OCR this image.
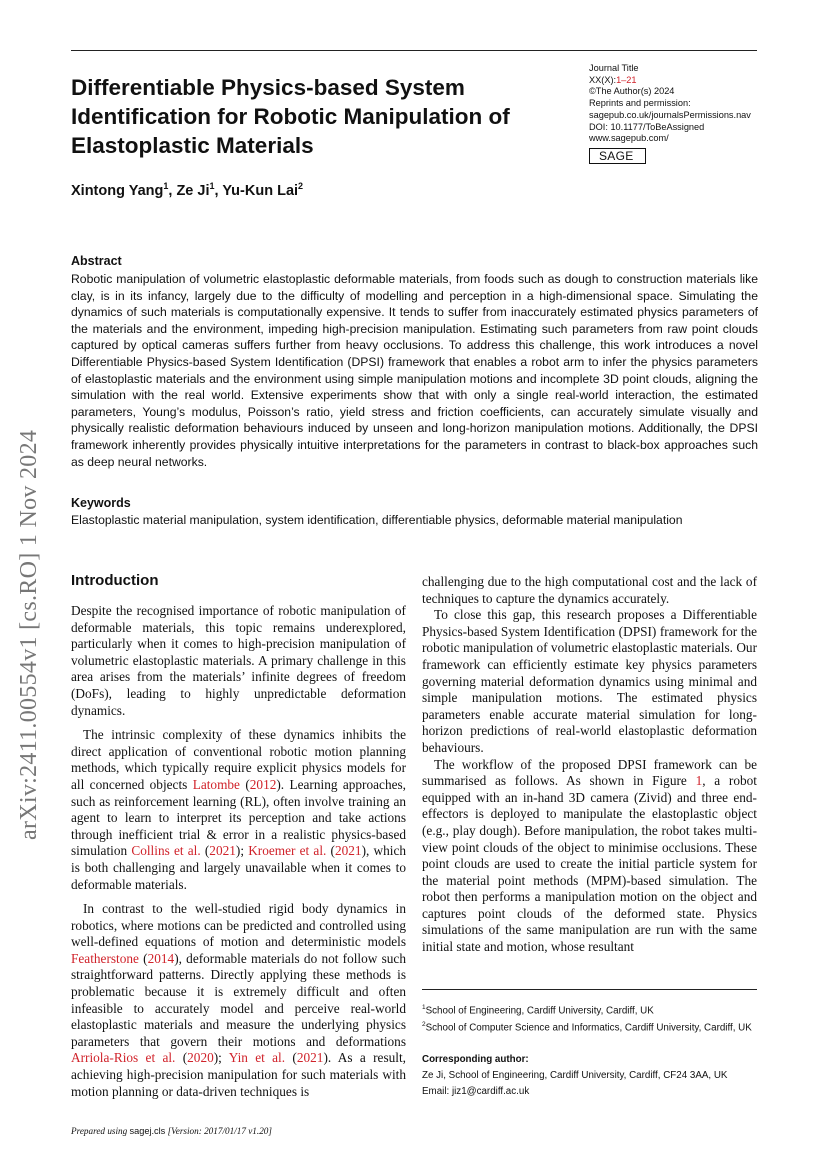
Differentiable Physics-based System Identification for Robotic Manipulation of Elastoplastic Materials
Journal Title
XX(X):1–21
©The Author(s) 2024
Reprints and permission:
sagepub.co.uk/journalsPermissions.nav
DOI: 10.1177/ToBeAssigned
www.sagepub.com/
SAGE
Xintong Yang$^1$, Ze Ji$^1$, Yu-Kun Lai$^2$
Abstract

Robotic manipulation of volumetric elastoplastic deformable materials, from foods such as dough to construction materials like clay, is in its infancy, largely due to the difficulty of modelling and perception in a high-dimensional space. Simulating the dynamics of such materials is computationally expensive. It tends to suffer from inaccurately estimated physics parameters of the materials and the environment, impeding high-precision manipulation. Estimating such parameters from raw point clouds captured by optical cameras suffers further from heavy occlusions. To address this challenge, this work introduces a novel Differentiable Physics-based System Identification (DPSI) framework that enables a robot arm to infer the physics parameters of elastoplastic materials and the environment using simple manipulation motions and incomplete 3D point clouds, aligning the simulation with the real world. Extensive experiments show that with only a single real-world interaction, the estimated parameters, Young’s modulus, Poisson’s ratio, yield stress and friction coefficients, can accurately simulate visually and physically realistic deformation behaviours induced by unseen and long-horizon manipulation motions. Additionally, the DPSI framework inherently provides physically intuitive interpretations for the parameters in contrast to black-box approaches such as deep neural networks.

Keywords
Elastoplastic material manipulation, system identification, differentiable physics, deformable material manipulation
arXiv:2411.00554v1 [cs.RO] 1 Nov 2024 Introduction

Despite the recognised importance of robotic manipulation of deformable materials, this topic remains underexplored, particularly when it comes to high-precision manipulation of volumetric elastoplastic materials. A primary challenge in this area arises from the materials’ infinite degrees of freedom (DoFs), leading to highly unpredictable deformation dynamics.

The intrinsic complexity of these dynamics inhibits the direct application of conventional robotic motion planning methods, which typically require explicit physics models for all concerned objects Latombe (2012). Learning approaches, such as reinforcement learning (RL), often involve training an agent to learn to interpret its perception and take actions through inefficient trial & error in a realistic physics-based simulation Collins et al. (2021); Kroemer et al. (2021), which is both challenging and largely unavailable when it comes to deformable materials.

In contrast to the well-studied rigid body dynamics in robotics, where motions can be predicted and controlled using well-defined equations of motion and deterministic models Featherstone (2014), deformable materials do not follow such straightforward patterns. Directly applying these methods is problematic because it is extremely difficult and often infeasible to accurately model and perceive real-world elastoplastic materials and measure the underlying physics parameters that govern their motions and deformations Arriola-Rios et al. (2020); Yin et al. (2021). As a result, achieving high-precision manipulation for such materials with motion planning or data-driven techniques is

challenging due to the high computational cost and the lack of techniques to capture the dynamics accurately.

To close this gap, this research proposes a Differentiable Physics-based System Identification (DPSI) framework for the robotic manipulation of volumetric elastoplastic materials. Our framework can efficiently estimate key physics parameters governing material deformation dynamics using minimal and simple manipulation motions. The estimated physics parameters enable accurate material simulation for long-horizon predictions of real-world elastoplastic deformation behaviours.

The workflow of the proposed DPSI framework can be summarised as follows. As shown in Figure 1, a robot equipped with an in-hand 3D camera (Zivid) and three end-effectors is deployed to manipulate the elastoplastic object (e.g., play dough). Before manipulation, the robot takes multi-view point clouds of the object to minimise occlusions. These point clouds are used to create the initial particle system for the material point methods (MPM)-based simulation. The robot then performs a manipulation motion on the object and captures point clouds of the deformed state. Physics simulations of the same manipulation are run with the same initial state and motion, whose resultant

$^1$School of Engineering, Cardiff University, Cardiff, UK
$^2$School of Computer Science and Informatics, Cardiff University, Cardiff, UK
Corresponding author:
Ze Ji, School of Engineering, Cardiff University, Cardiff, CF24 3AA, UK
Email: jiz1@cardiff.ac.uk
Prepared using sagej.cls [Version: 2017/01/17 v1.20]
